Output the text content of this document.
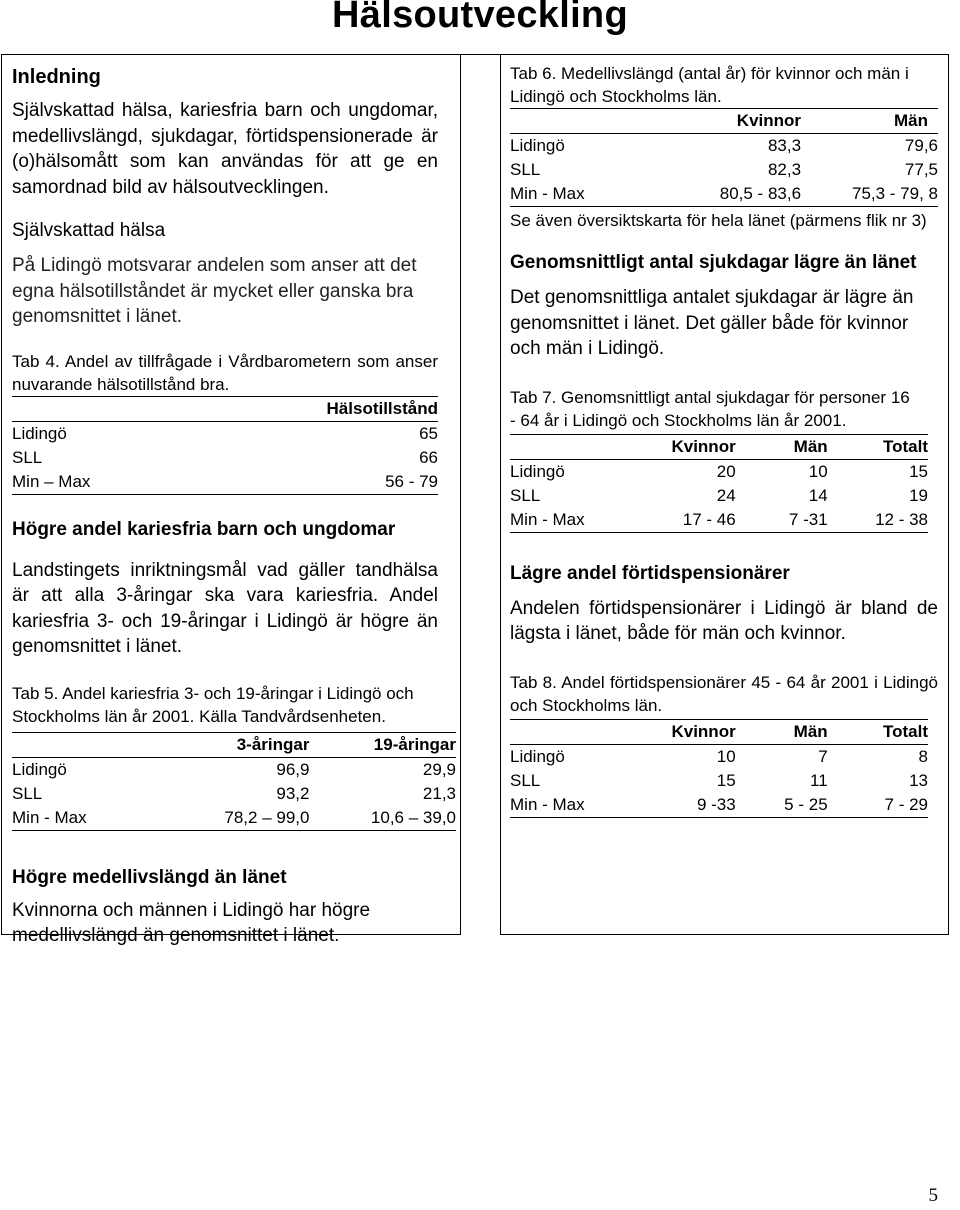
Hälsoutveckling
Inledning

Självskattad hälsa, kariesfria barn och ungdomar, medellivslängd, sjukdagar, förtidspensionerade är (o)hälsomått som kan användas för att ge en samordnad bild av hälsoutvecklingen.

Självskattad hälsa

På Lidingö motsvarar andelen som anser att det egna hälsotillståndet är mycket eller ganska bra genomsnittet i länet.

Tab 4. Andel av tillfrågade i Vårdbarometern som anser nuvarande hälsotillstånd bra.

	Hälsotillstånd
Lidingö	65
SLL	66
Min – Max	56 - 79
Högre andel kariesfria barn och ungdomar

Landstingets inriktningsmål vad gäller tandhälsa är att alla 3-åringar ska vara kariesfria. Andel kariesfria 3- och 19-åringar i Lidingö är högre än genomsnittet i länet.

Tab 5. Andel kariesfria 3- och 19-åringar i Lidingö och Stockholms län år 2001. Källa Tandvårdsenheten.

	3-åringar	19-åringar
Lidingö	96,9	29,9
SLL	93,2	21,3
Min - Max	78,2 – 99,0	10,6 – 39,0
Högre medellivslängd än länet

Kvinnorna och männen i Lidingö har högre medellivslängd än genomsnittet i länet.

Tab 6. Medellivslängd (antal år) för kvinnor och män i Lidingö och Stockholms län.

	Kvinnor	Män
Lidingö	83,3	79,6
SLL	82,3	77,5
Min - Max	80,5 - 83,6	75,3 - 79, 8

Se även översiktskarta för hela länet (pärmens flik nr 3)

Genomsnittligt antal sjukdagar lägre än länet

Det genomsnittliga antalet sjukdagar är lägre än genomsnittet i länet. Det gäller både för kvinnor och män i Lidingö.

Tab 7. Genomsnittligt antal sjukdagar för personer 16 - 64 år i Lidingö och Stockholms län år 2001.

	Kvinnor	Män	Totalt
Lidingö	20	10	15
SLL	24	14	19
Min - Max	17 - 46	7 -31	12 - 38
Lägre andel förtidspensionärer

Andelen förtidspensionärer i Lidingö är bland de lägsta i länet, både för män och kvinnor.

Tab 8. Andel förtidspensionärer 45 - 64 år 2001 i Lidingö och Stockholms län.

	Kvinnor	Män	Totalt
Lidingö	10	7	8
SLL	15	11	13
Min - Max	9 -33	5 - 25	7 - 29
5
